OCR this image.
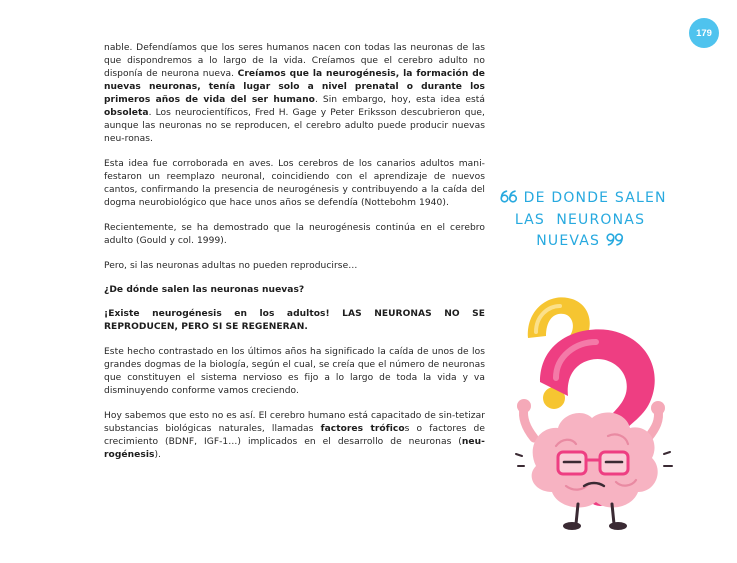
179

nable. Defendíamos que los seres humanos nacen con todas las neuronas de las que dispondremos a lo largo de la vida. Creíamos que el cerebro adulto no disponía de neurona nueva. Creíamos que la neurogénesis, la formación de nuevas neuronas, tenía lugar solo a nivel prenatal o durante los primeros años de vida del ser humano. Sin embargo, hoy, esta idea está obsoleta. Los neurocientíficos, Fred H. Gage y Peter Eriksson descubrieron que, aunque las neuronas no se reproducen, el cerebro adulto puede producir nuevas neu-ronas.

Esta idea fue corroborada en aves. Los cerebros de los canarios adultos mani-festaron un reemplazo neuronal, coincidiendo con el aprendizaje de nuevos cantos, confirmando la presencia de neurogénesis y contribuyendo a la caída del dogma neurobiológico que hace unos años se defendía (Nottebohm 1940).

Recientemente, se ha demostrado que la neurogénesis continúa en el cerebro adulto (Gould y col. 1999).

Pero, si las neuronas adultas no pueden reproducirse…

¿De dónde salen las neuronas nuevas?

¡Existe neurogénesis en los adultos! LAS NEURONAS NO SE REPRODUCEN, PERO SI SE REGENERAN.

Este hecho contrastado en los últimos años ha significado la caída de unos de los grandes dogmas de la biología, según el cual, se creía que el número de neuronas que constituyen el sistema nervioso es fijo a lo largo de toda la vida y va disminuyendo conforme vamos creciendo.

Hoy sabemos que esto no es así. El cerebro humano está capacitado de sin-tetizar substancias biológicas naturales, llamadas factores tróficos o factores de crecimiento (BDNF, IGF-1…) implicados en el desarrollo de neuronas (neu-rogénesis).

DE DONDE SALEN
LAS  NEURONAS
NUEVAS
